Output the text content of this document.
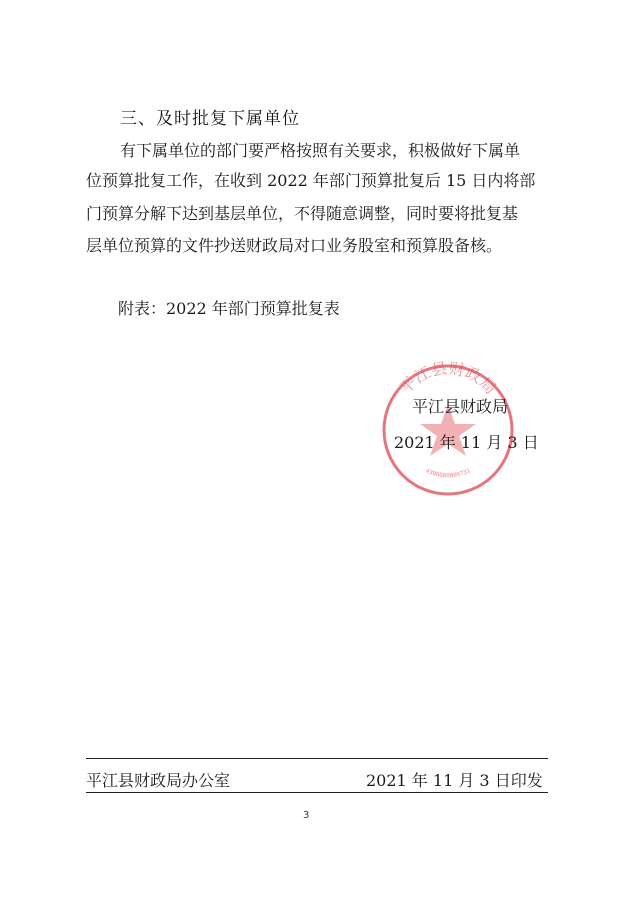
三、及时批复下属单位
有下属单位的部门要严格按照有关要求，积极做好下属单
位预算批复工作，在收到 2022 年部门预算批复后 15 日内将部
门预算分解下达到基层单位，不得随意调整，同时要将批复基
层单位预算的文件抄送财政局对口业务股室和预算股备核。
附表：2022 年部门预算批复表
平江县财政局
4306000009731
平江县财政局
2021 年 11 月 3 日
平江县财政局办公室	2021 年 11 月 3 日印发
3
